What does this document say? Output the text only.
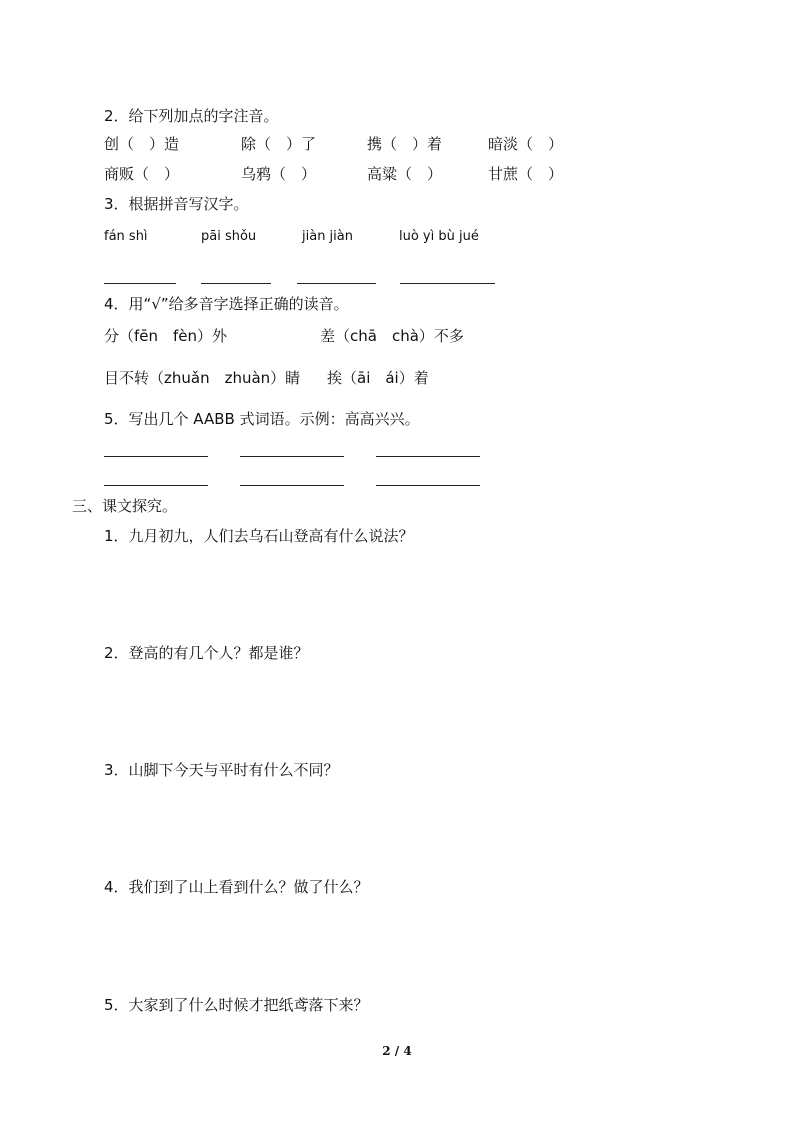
2．给下列加点的字注音。
创（　）造	除（　）了	携（　）着	暗淡（　）
商贩（　）	乌鸦（　）	高粱（　）	甘蔗（　）
3．根据拼音写汉字。
fán shì	pāi shǒu	jiàn jiàn	luò yì bù jué
4．用“√”给多音字选择正确的读音。
分（fēn　fèn）外	差（chā　chà）不多
目不转（zhuǎn　zhuàn）睛 挨（āi　ái）着
5．写出几个 AABB 式词语。示例：高高兴兴。
三、课文探究。
1．九月初九，人们去乌石山登高有什么说法？
2．登高的有几个人？都是谁？
3．山脚下今天与平时有什么不同？
4．我们到了山上看到什么？做了什么？
5．大家到了什么时候才把纸鸢落下来？
2 / 4
